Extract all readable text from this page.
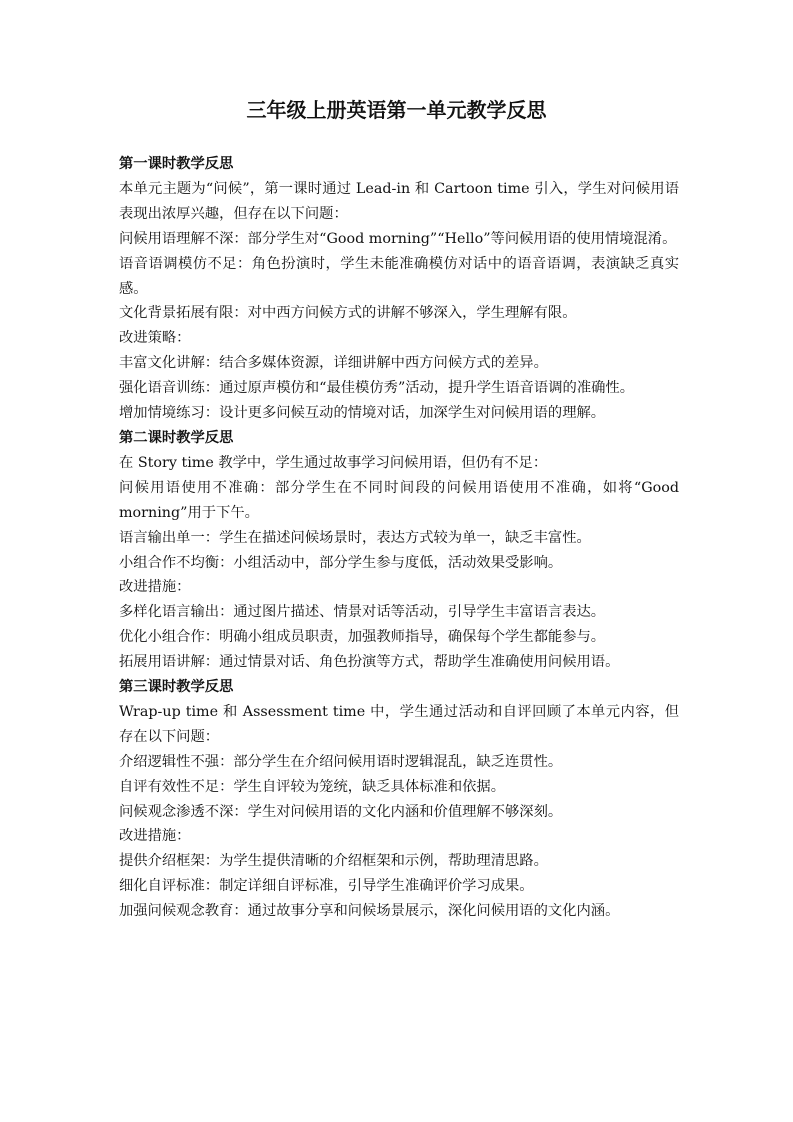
三年级上册英语第一单元教学反思
第一课时教学反思

本单元主题为“问候”，第一课时通过 Lead-in 和 Cartoon time 引入，学生对问候用语表现出浓厚兴趣，但存在以下问题：

问候用语理解不深：部分学生对“Good morning”“Hello”等问候用语的使用情境混淆。

语音语调模仿不足：角色扮演时，学生未能准确模仿对话中的语音语调，表演缺乏真实感。

文化背景拓展有限：对中西方问候方式的讲解不够深入，学生理解有限。

改进策略：

丰富文化讲解：结合多媒体资源，详细讲解中西方问候方式的差异。

强化语音训练：通过原声模仿和“最佳模仿秀”活动，提升学生语音语调的准确性。

增加情境练习：设计更多问候互动的情境对话，加深学生对问候用语的理解。

第二课时教学反思

在 Story time 教学中，学生通过故事学习问候用语，但仍有不足：

问候用语使用不准确：部分学生在不同时间段的问候用语使用不准确，如将“Good morning”用于下午。

语言输出单一：学生在描述问候场景时，表达方式较为单一，缺乏丰富性。

小组合作不均衡：小组活动中，部分学生参与度低，活动效果受影响。

改进措施：

多样化语言输出：通过图片描述、情景对话等活动，引导学生丰富语言表达。

优化小组合作：明确小组成员职责，加强教师指导，确保每个学生都能参与。

拓展用语讲解：通过情景对话、角色扮演等方式，帮助学生准确使用问候用语。

第三课时教学反思

Wrap-up time 和 Assessment time 中，学生通过活动和自评回顾了本单元内容，但存在以下问题：

介绍逻辑性不强：部分学生在介绍问候用语时逻辑混乱，缺乏连贯性。

自评有效性不足：学生自评较为笼统，缺乏具体标准和依据。

问候观念渗透不深：学生对问候用语的文化内涵和价值理解不够深刻。

改进措施：

提供介绍框架：为学生提供清晰的介绍框架和示例，帮助理清思路。

细化自评标准：制定详细自评标准，引导学生准确评价学习成果。

加强问候观念教育：通过故事分享和问候场景展示，深化问候用语的文化内涵。
